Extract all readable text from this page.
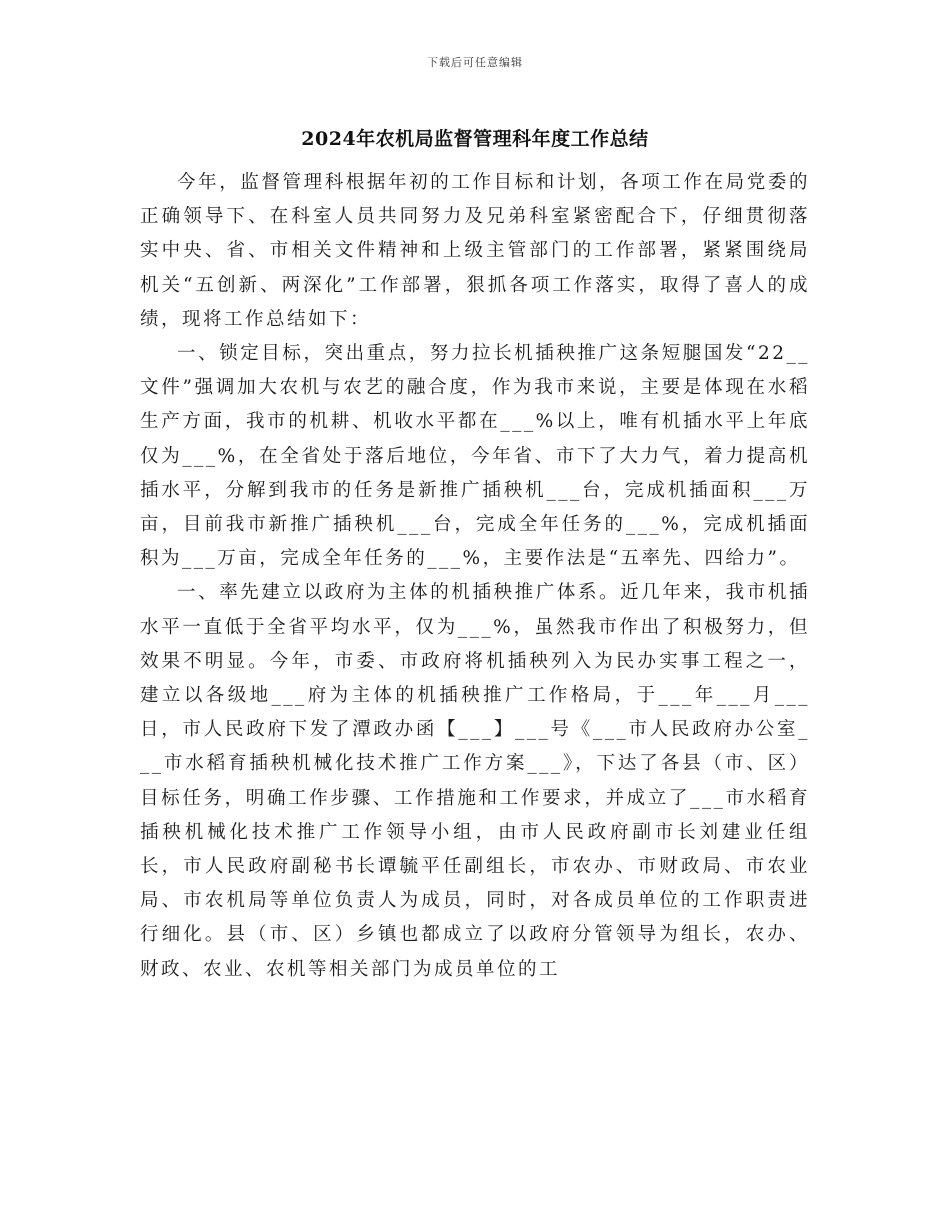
下载后可任意编辑
2024年农机局监督管理科年度工作总结

今年，监督管理科根据年初的工作目标和计划，各项工作在局党委的正确领导下、在科室人员共同努力及兄弟科室紧密配合下，仔细贯彻落实中央、省、市相关文件精神和上级主管部门的工作部署，紧紧围绕局机关“五创新、两深化”工作部署，狠抓各项工作落实，取得了喜人的成绩，现将工作总结如下：

一、锁定目标，突出重点，努力拉长机插秧推广这条短腿国发“22__文件”强调加大农机与农艺的融合度，作为我市来说，主要是体现在水稻生产方面，我市的机耕、机收水平都在___%以上，唯有机插水平上年底仅为___%，在全省处于落后地位，今年省、市下了大力气，着力提高机插水平，分解到我市的任务是新推广插秧机___台，完成机插面积___万亩，目前我市新推广插秧机___台，完成全年任务的___%，完成机插面积为___万亩，完成全年任务的___%，主要作法是“五率先、四给力”。

一、率先建立以政府为主体的机插秧推广体系。近几年来，我市机插水平一直低于全省平均水平，仅为___%，虽然我市作出了积极努力，但效果不明显。今年，市委、市政府将机插秧列入为民办实事工程之一，建立以各级地___府为主体的机插秧推广工作格局，于___年___月___日，市人民政府下发了潭政办函【___】___号《___市人民政府办公室___市水稻育插秧机械化技术推广工作方案___》，下达了各县（市、区）目标任务，明确工作步骤、工作措施和工作要求，并成立了___市水稻育插秧机械化技术推广工作领导小组，由市人民政府副市长刘建业任组长，市人民政府副秘书长谭毓平任副组长，市农办、市财政局、市农业局、市农机局等单位负责人为成员，同时，对各成员单位的工作职责进行细化。县（市、区）乡镇也都成立了以政府分管领导为组长，农办、财政、农业、农机等相关部门为成员单位的工
